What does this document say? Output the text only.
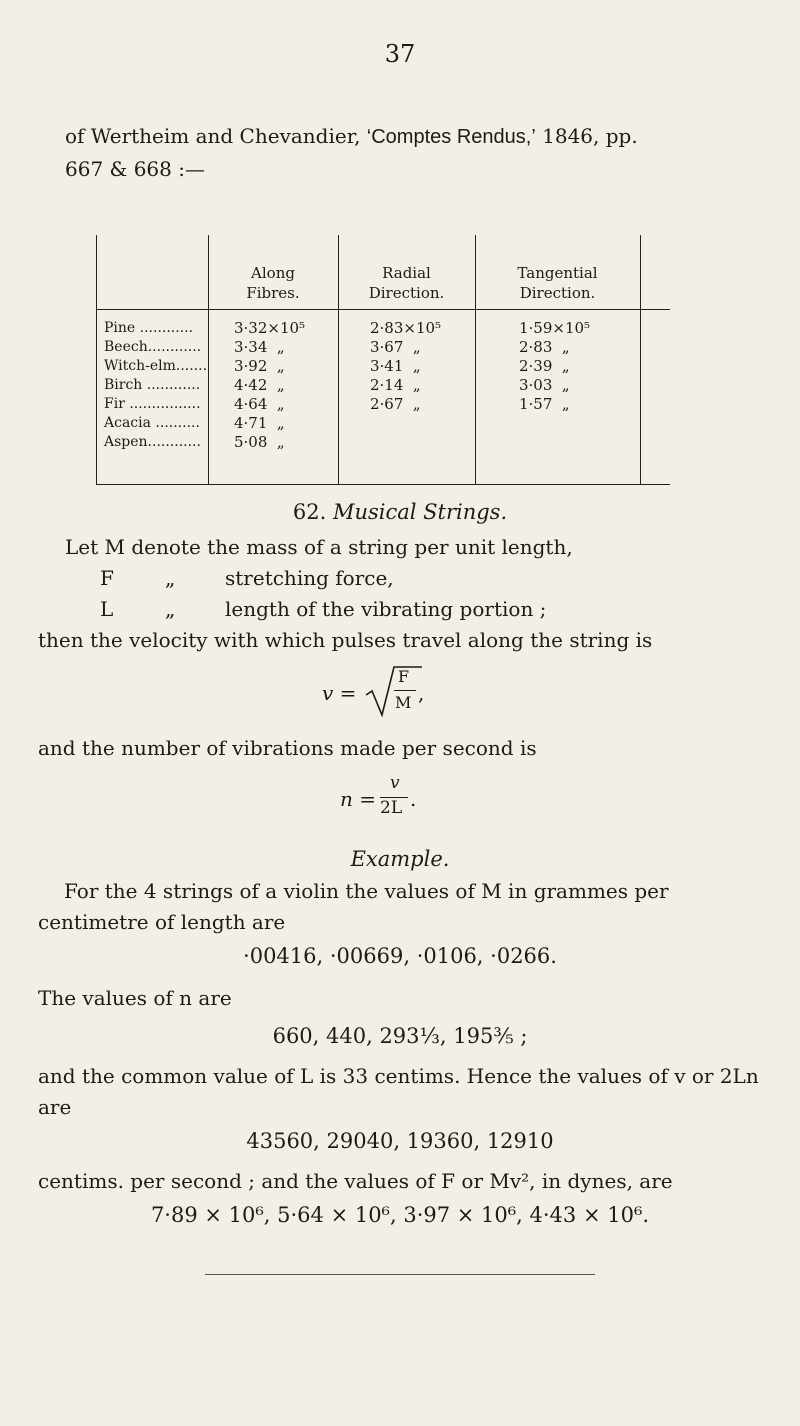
37
of Wertheim and Chevandier, ‘Comptes Rendus,’ 1846, pp.
667 & 668 :—
Along
Fibres.
Radial
Direction.
Tangential
Direction.
Pine ............
Beech............
Witch-elm.......
Birch ............
Fir ................
Acacia ..........
Aspen............
3·32×10⁵
3·34  „
3·92  „
4·42  „
4·64  „
4·71  „
5·08  „
2·83×10⁵
3·67  „
3·41  „
2·14  „
2·67  „
1·59×10⁵
2·83  „
2·39  „
3·03  „
1·57  „
62. Musical Strings.
Let M denote the mass of a string per unit length,
F	„ stretching force,
L	„ length of the vibrating portion ;
then the velocity with which pulses travel along the string is
v =
F
M ,
and the number of vibrations made per second is
n =
v
2L .
Example.
For the 4 strings of a violin the values of M in grammes per centimetre of length are
·00416, ·00669, ·0106, ·0266.
The values of n are
660, 440, 293⅓, 195⅗ ;
and the common value of L is 33 centims. Hence the values of v or 2Ln are
43560, 29040, 19360, 12910
centims. per second ; and the values of F or Mv², in dynes, are
7·89 × 10⁶, 5·64 × 10⁶, 3·97 × 10⁶, 4·43 × 10⁶.
